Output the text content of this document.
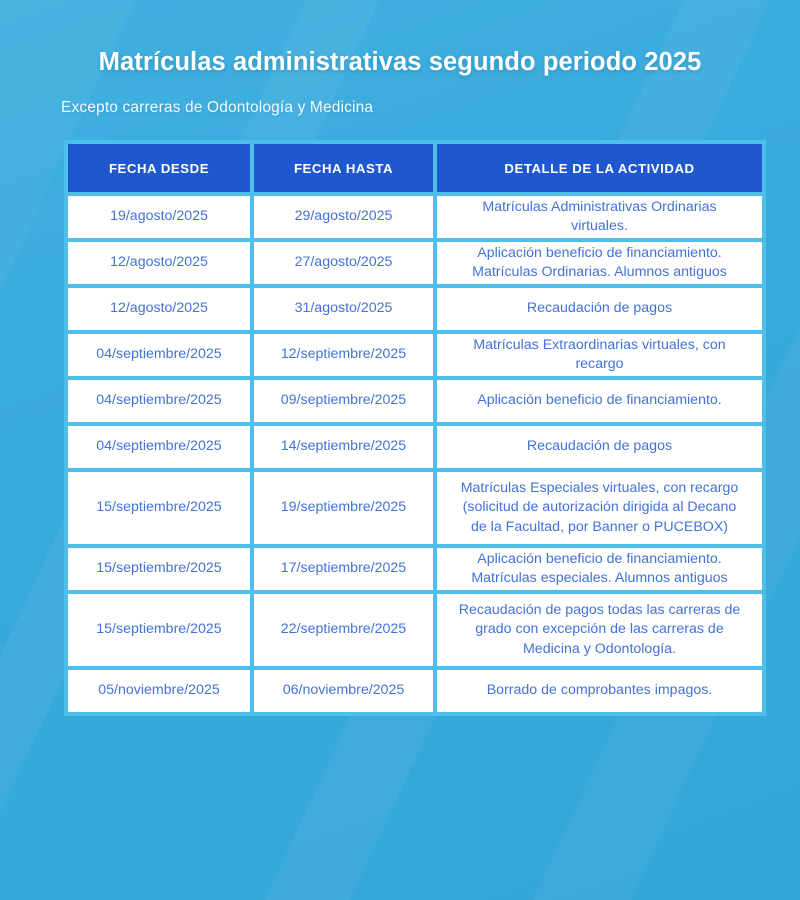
Matrículas administrativas segundo periodo 2025
Excepto carreras de Odontología y Medicina
FECHA DESDE	FECHA HASTA	DETALLE DE LA ACTIVIDAD
19/agosto/2025	29/agosto/2025	Matrículas Administrativas Ordinarias virtuales.
12/agosto/2025	27/agosto/2025	Aplicación beneficio de financiamiento. Matrículas Ordinarias. Alumnos antiguos
12/agosto/2025	31/agosto/2025	Recaudación de pagos
04/septiembre/2025	12/septiembre/2025	Matrículas Extraordinarias virtuales, con recargo
04/septiembre/2025	09/septiembre/2025	Aplicación beneficio de financiamiento.
04/septiembre/2025	14/septiembre/2025	Recaudación de pagos
15/septiembre/2025	19/septiembre/2025	Matrículas Especiales virtuales, con recargo (solicitud de autorización dirigida al Decano de la Facultad, por Banner o PUCEBOX)
15/septiembre/2025	17/septiembre/2025	Aplicación beneficio de financiamiento. Matrículas especiales. Alumnos antiguos
15/septiembre/2025	22/septiembre/2025	Recaudación de pagos todas las carreras de grado con excepción de las carreras de Medicina y Odontología.
05/noviembre/2025	06/noviembre/2025	Borrado de comprobantes impagos.
